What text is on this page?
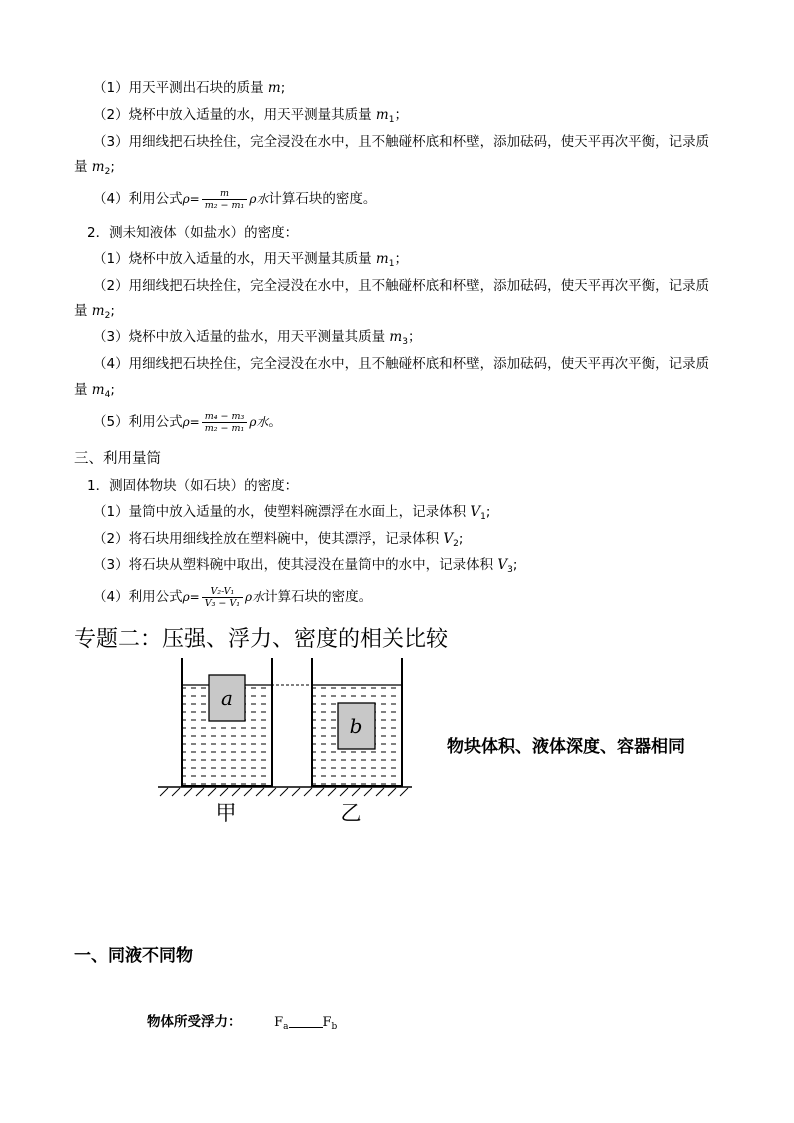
（1）用天平测出石块的质量 m;
（2）烧杯中放入适量的水，用天平测量其质量 $m_1$；
（3）用细线把石块拴住，完全浸没在水中，且不触碰杯底和杯壁，添加砝码，使天平再次平衡，记录质
量 $m_2$;
（4）利用公式$\rho= \frac{m}{\text{m₂ − m₁}}$ ρ水计算石块的密度。
2．测未知液体（如盐水）的密度：
（1）烧杯中放入适量的水，用天平测量其质量 $m_1$；
（2）用细线把石块拴住，完全浸没在水中，且不触碰杯底和杯壁，添加砝码，使天平再次平衡，记录质
量 $m_2$;
（3）烧杯中放入适量的盐水，用天平测量其质量 $m_3$；
（4）用细线把石块拴住，完全浸没在水中，且不触碰杯底和杯壁，添加砝码，使天平再次平衡，记录质
量 $m_4$;
（5）利用公式$\rho= \frac{\text{m₄ − m₃}}{\text{m₂ − m₁}}$ ρ水。
三、利用量筒
1．测固体物块（如石块）的密度：
（1）量筒中放入适量的水，使塑料碗漂浮在水面上，记录体积 $V_1$;
（2）将石块用细线拴放在塑料碗中，使其漂浮，记录体积 $V_2$;
（3）将石块从塑料碗中取出，使其浸没在量筒中的水中，记录体积 $V_3$;
（4）利用公式$\rho= \frac{\text{V₂-V₁}}{\text{V₃ − V₁}}$ ρ水计算石块的密度。
专题二：压强、浮力、密度的相关比较
a
b
甲	乙
物块体积、液体深度、容器相同
一、同液不同物
物体所受浮力：	$F_a$	$F_b$
